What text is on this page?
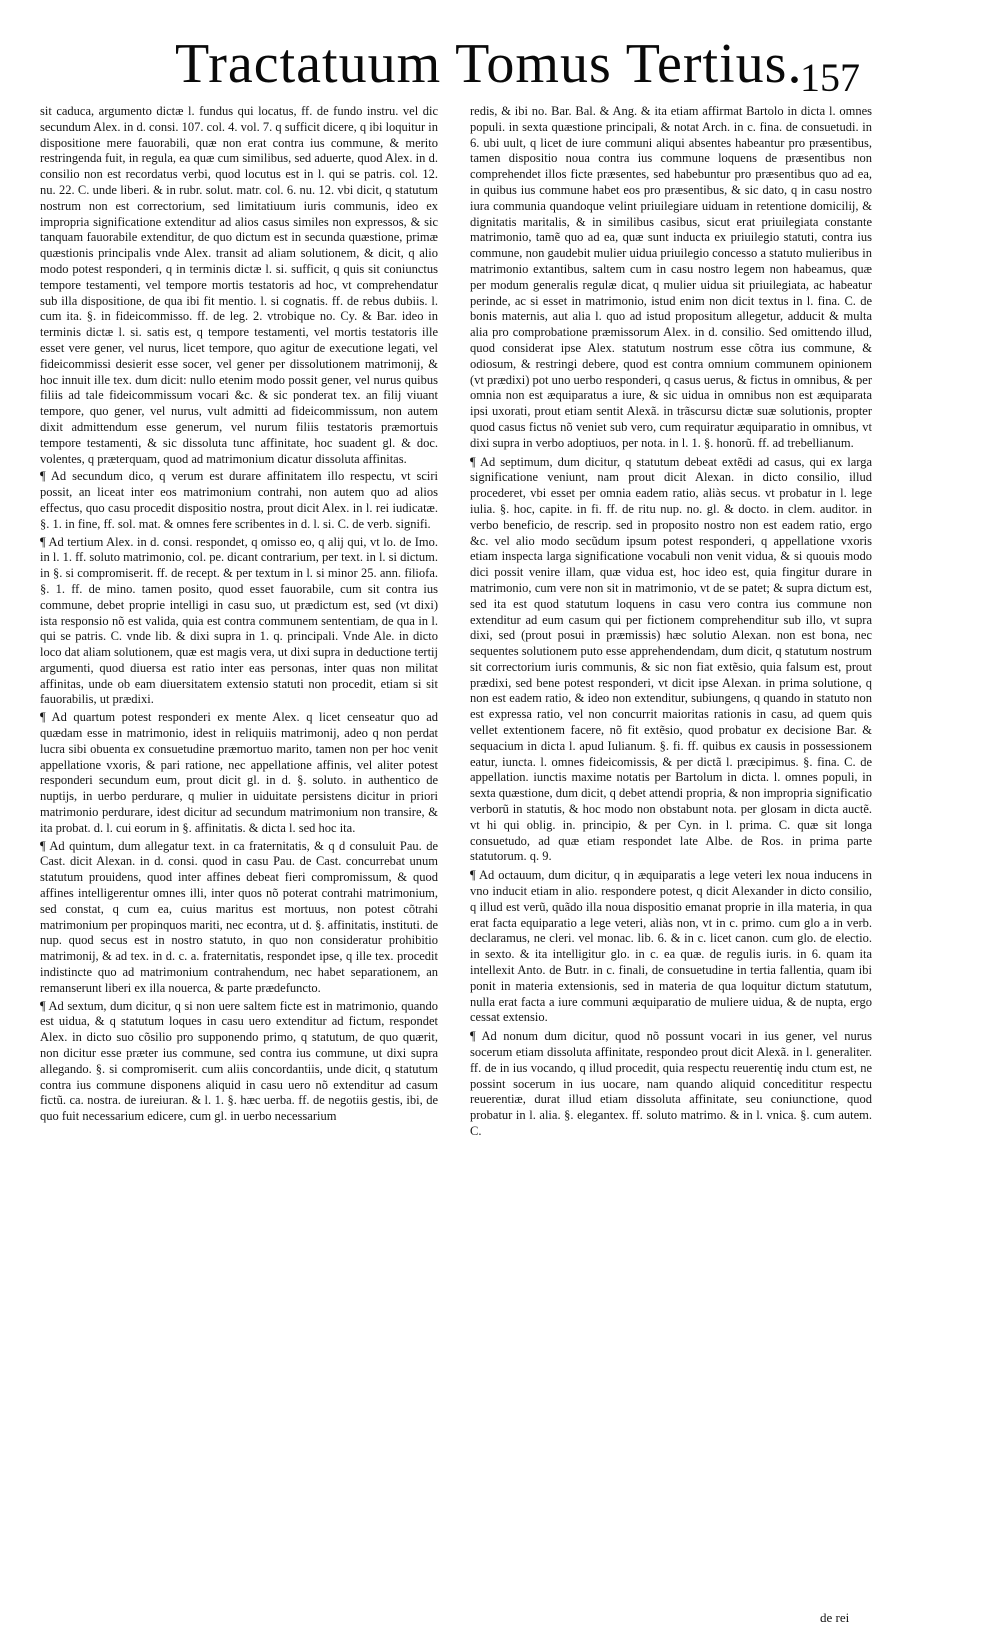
Tractatuum Tomus Tertius.
157

sit caduca, argumento dictæ l. fundus qui locatus, ff. de fundo instru. vel dic secundum Alex. in d. consi. 107. col. 4. vol. 7. q sufficit dicere, q ibi loquitur in dispositione mere fauorabili, quæ non erat contra ius commune, & merito restringenda fuit, in regula, ea quæ cum similibus, sed aduerte, quod Alex. in d. consilio non est recordatus verbi, quod locutus est in l. qui se patris. col. 12. nu. 22. C. unde liberi. & in rubr. solut. matr. col. 6. nu. 12. vbi dicit, q statutum nostrum non est correctorium, sed limitatiuum iuris communis, ideo ex impropria significatione extenditur ad alios casus similes non expressos, & sic tanquam fauorabile extenditur, de quo dictum est in secunda quæstione, primæ quæstionis principalis vnde Alex. transit ad aliam solutionem, & dicit, q alio modo potest responderi, q in terminis dictæ l. si. sufficit, q quis sit coniunctus tempore testamenti, vel tempore mortis testatoris ad hoc, vt comprehendatur sub illa dispositione, de qua ibi fit mentio. l. si cognatis. ff. de rebus dubiis. l. cum ita. §. in fideicommisso. ff. de leg. 2. vtrobique no. Cy. & Bar. ideo in terminis dictæ l. si. satis est, q tempore testamenti, vel mortis testatoris ille esset vere gener, vel nurus, licet tempore, quo agitur de executione legati, vel fideicommissi desierit esse socer, vel gener per dissolutionem matrimonij, & hoc innuit ille tex. dum dicit: nullo etenim modo possit gener, vel nurus quibus filiis ad tale fideicommissum vocari &c. & sic ponderat tex. an filij viuant tempore, quo gener, vel nurus, vult admitti ad fideicommissum, non autem dixit admittendum esse generum, vel nurum filiis testatoris præmortuis tempore testamenti, & sic dissoluta tunc affinitate, hoc suadent gl. & doc. volentes, q præterquam, quod ad matrimonium dicatur dissoluta affinitas.

¶ Ad secundum dico, q verum est durare affinitatem illo respectu, vt sciri possit, an liceat inter eos matrimonium contrahi, non autem quo ad alios effectus, quo casu procedit dispositio nostra, prout dicit Alex. in l. rei iudicatæ. §. 1. in fine, ff. sol. mat. & omnes fere scribentes in d. l. si. C. de verb. signifi.

¶ Ad tertium Alex. in d. consi. respondet, q omisso eo, q alij qui, vt lo. de Imo. in l. 1. ff. soluto matrimonio, col. pe. dicant contrarium, per text. in l. si dictum. in §. si compromiserit. ff. de recept. & per textum in l. si minor 25. ann. filiofa. §. 1. ff. de mino. tamen posito, quod esset fauorabile, cum sit contra ius commune, debet proprie intelligi in casu suo, ut prædictum est, sed (vt dixi) ista responsio nõ est valida, quia est contra communem sententiam, de qua in l. qui se patris. C. vnde lib. & dixi supra in 1. q. principali. Vnde Ale. in dicto loco dat aliam solutionem, quæ est magis vera, ut dixi supra in deductione tertij argumenti, quod diuersa est ratio inter eas personas, inter quas non militat affinitas, unde ob eam diuersitatem extensio statuti non procedit, etiam si sit fauorabilis, ut prædixi.

¶ Ad quartum potest responderi ex mente Alex. q licet censeatur quo ad quædam esse in matrimonio, idest in reliquiis matrimonij, adeo q non perdat lucra sibi obuenta ex consuetudine præmortuo marito, tamen non per hoc venit appellatione vxoris, & pari ratione, nec appellatione affinis, vel aliter potest responderi secundum eum, prout dicit gl. in d. §. soluto. in authentico de nuptijs, in uerbo perdurare, q mulier in uiduitate persistens dicitur in priori matrimonio perdurare, idest dicitur ad secundum matrimonium non transire, & ita probat. d. l. cui eorum in §. affinitatis. & dicta l. sed hoc ita.

¶ Ad quintum, dum allegatur text. in ca fraternitatis, & q d consuluit Pau. de Cast. dicit Alexan. in d. consi. quod in casu Pau. de Cast. concurrebat unum statutum prouidens, quod inter affines debeat fieri compromissum, & quod affines intelligerentur omnes illi, inter quos nõ poterat contrahi matrimonium, sed constat, q cum ea, cuius maritus est mortuus, non potest cõtrahi matrimonium per propinquos mariti, nec econtra, ut d. §. affinitatis, instituti. de nup. quod secus est in nostro statuto, in quo non consideratur prohibitio matrimonij, & ad tex. in d. c. a. fraternitatis, respondet ipse, q ille tex. procedit indistincte quo ad matrimonium contrahendum, nec habet separationem, an remanserunt liberi ex illa nouerca, & parte prædefuncto.

¶ Ad sextum, dum dicitur, q si non uere saltem ficte est in matrimonio, quando est uidua, & q statutum loques in casu uero extenditur ad fictum, respondet Alex. in dicto suo cõsilio pro supponendo primo, q statutum, de quo quærit, non dicitur esse præter ius commune, sed contra ius commune, ut dixi supra allegando. §. si compromiserit. cum aliis concordantiis, unde dicit, q statutum contra ius commune disponens aliquid in casu uero nõ extenditur ad casum fictũ. ca. nostra. de iureiuran. & l. 1. §. hæc uerba. ff. de negotiis gestis, ibi, de quo fuit necessarium edicere, cum gl. in uerbo necessarium

redis, & ibi no. Bar. Bal. & Ang. & ita etiam affirmat Bartolo in dicta l. omnes populi. in sexta quæstione principali, & notat Arch. in c. fina. de consuetudi. in 6. ubi uult, q licet de iure communi aliqui absentes habeantur pro præsentibus, tamen dispositio noua contra ius commune loquens de præsentibus non comprehendet illos ficte præsentes, sed habebuntur pro præsentibus quo ad ea, in quibus ius commune habet eos pro præsentibus, & sic dato, q in casu nostro iura communia quandoque velint priuilegiare uiduam in retentione domicilij, & dignitatis maritalis, & in similibus casibus, sicut erat priuilegiata constante matrimonio, tamẽ quo ad ea, quæ sunt inducta ex priuilegio statuti, contra ius commune, non gaudebit mulier uidua priuilegio concesso a statuto mulieribus in matrimonio extantibus, saltem cum in casu nostro legem non habeamus, quæ per modum generalis regulæ dicat, q mulier uidua sit priuilegiata, ac habeatur perinde, ac si esset in matrimonio, istud enim non dicit textus in l. fina. C. de bonis maternis, aut alia l. quo ad istud propositum allegetur, adducit & multa alia pro comprobatione præmissorum Alex. in d. consilio. Sed omittendo illud, quod considerat ipse Alex. statutum nostrum esse cõtra ius commune, & odiosum, & restringi debere, quod est contra omnium communem opinionem (vt prædixi) pot uno uerbo responderi, q casus uerus, & fictus in omnibus, & per omnia non est æquiparatus a iure, & sic uidua in omnibus non est æquiparata ipsi uxorati, prout etiam sentit Alexã. in trãscursu dictæ suæ solutionis, propter quod casus fictus nõ veniet sub vero, cum requiratur æquiparatio in omnibus, vt dixi supra in verbo adoptiuos, per nota. in l. 1. §. honorũ. ff. ad trebellianum.

¶ Ad septimum, dum dicitur, q statutum debeat extẽdi ad casus, qui ex larga significatione veniunt, nam prout dicit Alexan. in dicto consilio, illud procederet, vbi esset per omnia eadem ratio, aliàs secus. vt probatur in l. lege iulia. §. hoc, capite. in fi. ff. de ritu nup. no. gl. & docto. in clem. auditor. in verbo beneficio, de rescrip. sed in proposito nostro non est eadem ratio, ergo &c. vel alio modo secũdum ipsum potest responderi, q appellatione vxoris etiam inspecta larga significatione vocabuli non venit vidua, & si quouis modo dici possit venire illam, quæ vidua est, hoc ideo est, quia fingitur durare in matrimonio, cum vere non sit in matrimonio, vt de se patet; & supra dictum est, sed ita est quod statutum loquens in casu vero contra ius commune non extenditur ad eum casum qui per fictionem comprehenditur sub illo, vt supra dixi, sed (prout posui in præmissis) hæc solutio Alexan. non est bona, nec sequentes solutionem puto esse apprehendendam, dum dicit, q statutum nostrum sit correctorium iuris communis, & sic non fiat extẽsio, quia falsum est, prout prædixi, sed bene potest responderi, vt dicit ipse Alexan. in prima solutione, q non est eadem ratio, & ideo non extenditur, subiungens, q quando in statuto non est expressa ratio, vel non concurrit maioritas rationis in casu, ad quem quis vellet extentionem facere, nõ fit extẽsio, quod probatur ex decisione Bar. & sequacium in dicta l. apud Iulianum. §. fi. ff. quibus ex causis in possessionem eatur, iuncta. l. omnes fideicomissis, & per dictã l. præcipimus. §. fina. C. de appellation. iunctis maxime notatis per Bartolum in dicta. l. omnes populi, in sexta quæstione, dum dicit, q debet attendi propria, & non impropria significatio verborũ in statutis, & hoc modo non obstabunt nota. per glosam in dicta auctẽ. vt hi qui oblig. in. principio, & per Cyn. in l. prima. C. quæ sit longa consuetudo, ad quæ etiam respondet late Albe. de Ros. in prima parte statutorum. q. 9.

¶ Ad octauum, dum dicitur, q in æquiparatis a lege veteri lex noua inducens in vno inducit etiam in alio. respondere potest, q dicit Alexander in dicto consilio, q illud est verũ, quãdo illa noua dispositio emanat proprie in illa materia, in qua erat facta equiparatio a lege veteri, aliàs non, vt in c. primo. cum glo a in verb. declaramus, ne cleri. vel monac. lib. 6. & in c. licet canon. cum glo. de electio. in sexto. & ita intelligitur glo. in c. ea quæ. de regulis iuris. in 6. quam ita intellexit Anto. de Butr. in c. finali, de consuetudine in tertia fallentia, quam ibi ponit in materia extensionis, sed in materia de qua loquitur dictum statutum, nulla erat facta a iure communi æquiparatio de muliere uidua, & de nupta, ergo cessat extensio.

¶ Ad nonum dum dicitur, quod nõ possunt vocari in ius gener, vel nurus socerum etiam dissoluta affinitate, respondeo prout dicit Alexã. in l. generaliter. ff. de in ius vocando, q illud procedit, quia respectu reuerentię indu ctum est, ne possint socerum in ius uocare, nam quando aliquid concedititur respectu reuerentiæ, durat illud etiam dissoluta affinitate, seu coniunctione, quod probatur in l. alia. §. elegantex. ff. soluto matrimo. & in l. vnica. §. cum autem. C.

de rei
